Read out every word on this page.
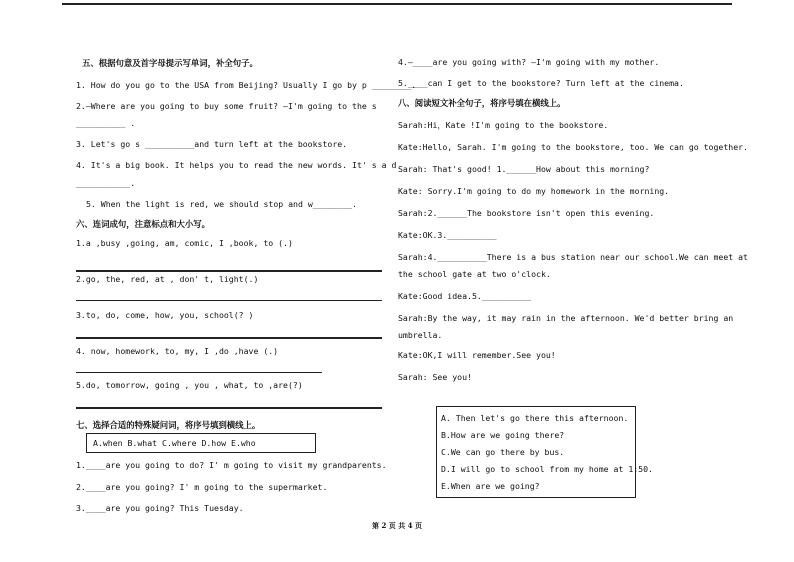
五、根据句意及首字母提示写单词，补全句子。
1. How do you go to the USA from Beijing? Usually I go by p ________.
2.—Where are you going to buy some fruit? —I'm going to the s
__________ .
3. Let's go s __________and turn left at the bookstore.
4. It's a big book. It helps you to read the new words. It' s a d
___________.
5. When the light is red, we should stop and w________.
六、连词成句，注意标点和大小写。
1.a ,busy ,going, am, comic, I ,book, to (.)
2.go, the, red, at , don' t, light(.)
3.to, do, come, how, you, school(? )
4. now, homework, to, my, I ,do ,have (.)
5.do, tomorrow, going , you , what, to ,are(?)
七、选择合适的特殊疑问词，将序号填到横线上。
A.when B.what C.where D.how E.who
1.____are you going to do? I' m going to visit my grandparents.
2.____are you going? I' m going to the supermarket.
3.____are you going? This Tuesday.
4.—____are you going with? —I'm going with my mother.
5.____can I get to the bookstore? Turn left at the cinema.
八、阅读短文补全句子，将序号填在横线上。
Sarah:Hi，Kate !I'm going to the bookstore.
Kate:Hello, Sarah. I'm going to the bookstore, too. We can go together.
Sarah: That's good! 1.______How about this morning?
Kate: Sorry.I'm going to do my homework in the morning.
Sarah:2.______The bookstore isn't open this evening.
Kate:OK.3.__________
Sarah:4.__________There is a bus station near our school.We can meet at
the school gate at two o'clock.
Kate:Good idea.5.__________
Sarah:By the way, it may rain in the afternoon. We'd better bring an
umbrella.
Kate:OK,I will remember.See you!
Sarah: See you!
A. Then let's go there this afternoon.
B.How are we going there?
C.We can go there by bus.
D.I will go to school from my home at 1:50.
E.When are we going?
第 2 页 共 4 页
